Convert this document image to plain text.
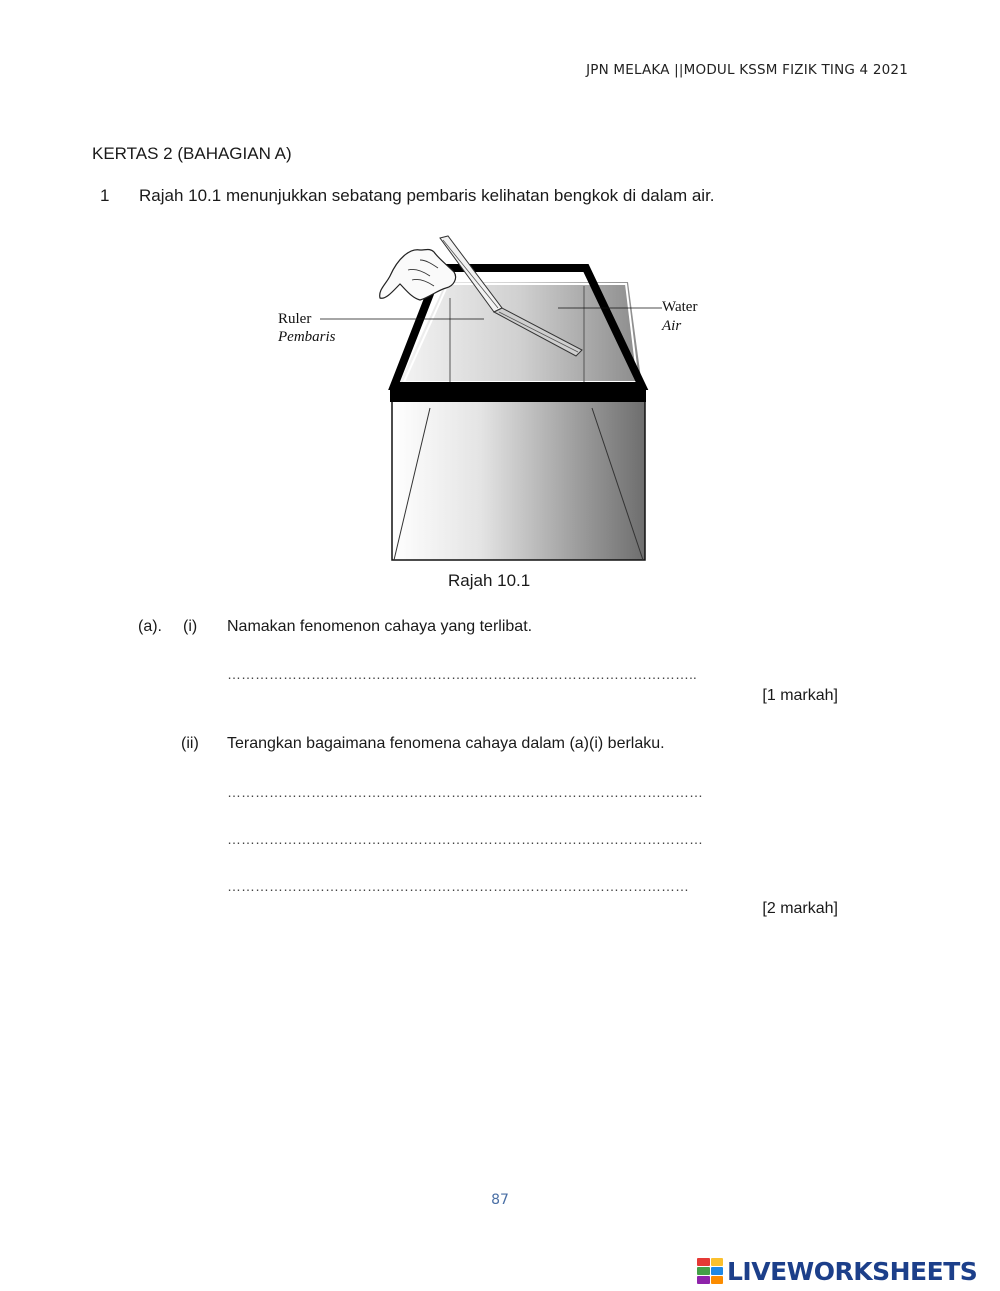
JPN MELAKA ||MODUL KSSM FIZIK TING 4 2021
KERTAS 2 (BAHAGIAN A)
1 Rajah 10.1 menunjukkan sebatang pembaris kelihatan bengkok di dalam air.
Ruler
Pembaris
Water
Air
Rajah 10.1
(a). (i) Namakan fenomenon cahaya yang terlibat.
………………………………………………………………………………………..
[1 markah]
(ii) Terangkan bagaimana fenomena cahaya dalam (a)(i) berlaku.
…………………………………………………………………………………………
…………………………………………………………………………………………
………………………………………………………………………………………
[2 markah]
87
LIVEWORKSHEETS
